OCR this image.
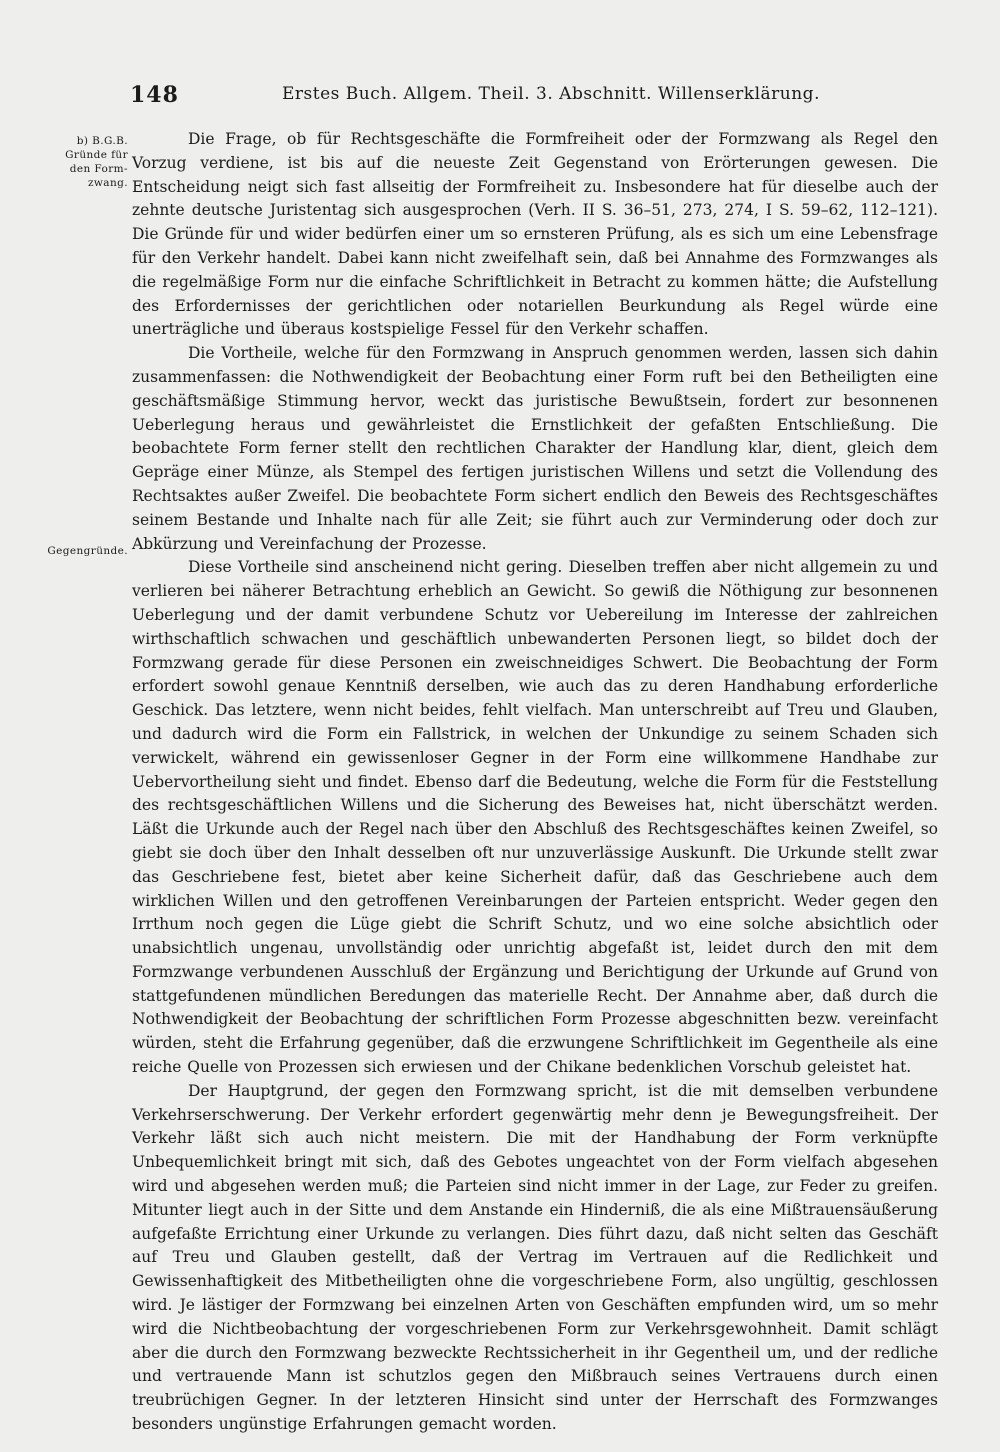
148	Erstes Buch. Allgem. Theil. 3. Abschnitt. Willenserklärung.

b) B.G.B.

Gründe für

den Form-

zwang.

Gegengründe.

Die Frage, ob für Rechtsgeschäfte die Formfreiheit oder der Formzwang als Regel den Vorzug verdiene, ist bis auf die neueste Zeit Gegenstand von Erörterungen gewesen. Die Entscheidung neigt sich fast allseitig der Formfreiheit zu. Insbesondere hat für dieselbe auch der zehnte deutsche Juristentag sich ausgesprochen (Verh. II S. 36–51, 273, 274, I S. 59–62, 112–121). Die Gründe für und wider bedürfen einer um so ernsteren Prüfung, als es sich um eine Lebensfrage für den Verkehr handelt. Dabei kann nicht zweifelhaft sein, daß bei Annahme des Formzwanges als die regelmäßige Form nur die einfache Schriftlichkeit in Betracht zu kommen hätte; die Aufstellung des Erfordernisses der gerichtlichen oder notariellen Beurkundung als Regel würde eine unerträgliche und überaus kostspielige Fessel für den Verkehr schaffen.

Die Vortheile, welche für den Formzwang in Anspruch genommen werden, lassen sich dahin zusammenfassen: die Nothwendigkeit der Beobachtung einer Form ruft bei den Betheiligten eine geschäftsmäßige Stimmung hervor, weckt das juristische Bewußtsein, fordert zur besonnenen Ueberlegung heraus und gewährleistet die Ernstlichkeit der gefaßten Entschließung. Die beobachtete Form ferner stellt den rechtlichen Charakter der Handlung klar, dient, gleich dem Gepräge einer Münze, als Stempel des fertigen juristischen Willens und setzt die Vollendung des Rechtsaktes außer Zweifel. Die beobachtete Form sichert endlich den Beweis des Rechtsgeschäftes seinem Bestande und Inhalte nach für alle Zeit; sie führt auch zur Verminderung oder doch zur Abkürzung und Vereinfachung der Prozesse.

Diese Vortheile sind anscheinend nicht gering. Dieselben treffen aber nicht allgemein zu und verlieren bei näherer Betrachtung erheblich an Gewicht. So gewiß die Nöthigung zur besonnenen Ueberlegung und der damit verbundene Schutz vor Uebereilung im Interesse der zahlreichen wirthschaftlich schwachen und geschäftlich unbewanderten Personen liegt, so bildet doch der Formzwang gerade für diese Personen ein zweischneidiges Schwert. Die Beobachtung der Form erfordert sowohl genaue Kenntniß derselben, wie auch das zu deren Handhabung erforderliche Geschick. Das letztere, wenn nicht beides, fehlt vielfach. Man unterschreibt auf Treu und Glauben, und dadurch wird die Form ein Fallstrick, in welchen der Unkundige zu seinem Schaden sich verwickelt, während ein gewissenloser Gegner in der Form eine willkommene Handhabe zur Uebervortheilung sieht und findet. Ebenso darf die Bedeutung, welche die Form für die Feststellung des rechtsgeschäftlichen Willens und die Sicherung des Beweises hat, nicht überschätzt werden. Läßt die Urkunde auch der Regel nach über den Abschluß des Rechtsgeschäftes keinen Zweifel, so giebt sie doch über den Inhalt desselben oft nur unzuverlässige Auskunft. Die Urkunde stellt zwar das Geschriebene fest, bietet aber keine Sicherheit dafür, daß das Geschriebene auch dem wirklichen Willen und den getroffenen Vereinbarungen der Parteien entspricht. Weder gegen den Irrthum noch gegen die Lüge giebt die Schrift Schutz, und wo eine solche absichtlich oder unabsichtlich ungenau, unvollständig oder unrichtig abgefaßt ist, leidet durch den mit dem Formzwange verbundenen Ausschluß der Ergänzung und Berichtigung der Urkunde auf Grund von stattgefundenen mündlichen Beredungen das materielle Recht. Der Annahme aber, daß durch die Nothwendigkeit der Beobachtung der schriftlichen Form Prozesse abgeschnitten bezw. vereinfacht würden, steht die Erfahrung gegenüber, daß die erzwungene Schriftlichkeit im Gegentheile als eine reiche Quelle von Prozessen sich erwiesen und der Chikane bedenklichen Vorschub geleistet hat.

Der Hauptgrund, der gegen den Formzwang spricht, ist die mit demselben verbundene Verkehrserschwerung. Der Verkehr erfordert gegenwärtig mehr denn je Bewegungsfreiheit. Der Verkehr läßt sich auch nicht meistern. Die mit der Handhabung der Form verknüpfte Unbequemlichkeit bringt mit sich, daß des Gebotes ungeachtet von der Form vielfach abgesehen wird und abgesehen werden muß; die Parteien sind nicht immer in der Lage, zur Feder zu greifen. Mitunter liegt auch in der Sitte und dem Anstande ein Hinderniß, die als eine Mißtrauensäußerung aufgefaßte Errichtung einer Urkunde zu verlangen. Dies führt dazu, daß nicht selten das Geschäft auf Treu und Glauben gestellt, daß der Vertrag im Vertrauen auf die Redlichkeit und Gewissenhaftigkeit des Mitbetheiligten ohne die vorgeschriebene Form, also ungültig, geschlossen wird. Je lästiger der Formzwang bei einzelnen Arten von Geschäften empfunden wird, um so mehr wird die Nichtbeobachtung der vorgeschriebenen Form zur Verkehrsgewohnheit. Damit schlägt aber die durch den Formzwang bezweckte Rechtssicherheit in ihr Gegentheil um, und der redliche und vertrauende Mann ist schutzlos gegen den Mißbrauch seines Vertrauens durch einen treubrüchigen Gegner. In der letzteren Hinsicht sind unter der Herrschaft des Formzwanges besonders ungünstige Erfahrungen gemacht worden.
